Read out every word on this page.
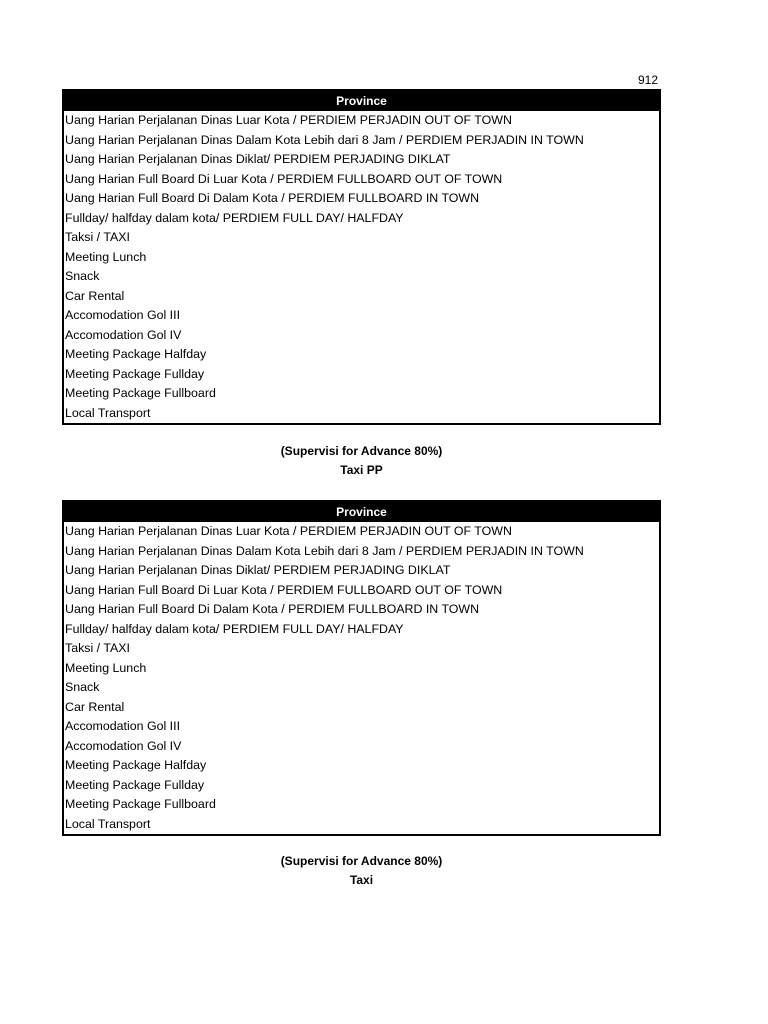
912
Province
Uang Harian Perjalanan Dinas Luar Kota / PERDIEM PERJADIN OUT OF TOWN
Uang Harian Perjalanan Dinas Dalam Kota Lebih dari 8 Jam / PERDIEM PERJADIN IN TOWN
Uang Harian Perjalanan Dinas Diklat/ PERDIEM PERJADING DIKLAT
Uang Harian Full Board Di Luar Kota / PERDIEM FULLBOARD OUT OF TOWN
Uang Harian Full Board Di Dalam Kota / PERDIEM FULLBOARD IN TOWN
Fullday/ halfday dalam kota/ PERDIEM FULL DAY/ HALFDAY
Taksi / TAXI
Meeting Lunch
Snack
Car Rental
Accomodation Gol III
Accomodation Gol IV
Meeting Package Halfday
Meeting Package Fullday
Meeting Package Fullboard
Local Transport
(Supervisi for Advance 80%)
Taxi PP
Province
Uang Harian Perjalanan Dinas Luar Kota / PERDIEM PERJADIN OUT OF TOWN
Uang Harian Perjalanan Dinas Dalam Kota Lebih dari 8 Jam / PERDIEM PERJADIN IN TOWN
Uang Harian Perjalanan Dinas Diklat/ PERDIEM PERJADING DIKLAT
Uang Harian Full Board Di Luar Kota / PERDIEM FULLBOARD OUT OF TOWN
Uang Harian Full Board Di Dalam Kota / PERDIEM FULLBOARD IN TOWN
Fullday/ halfday dalam kota/ PERDIEM FULL DAY/ HALFDAY
Taksi / TAXI
Meeting Lunch
Snack
Car Rental
Accomodation Gol III
Accomodation Gol IV
Meeting Package Halfday
Meeting Package Fullday
Meeting Package Fullboard
Local Transport
(Supervisi for Advance 80%)
Taxi
